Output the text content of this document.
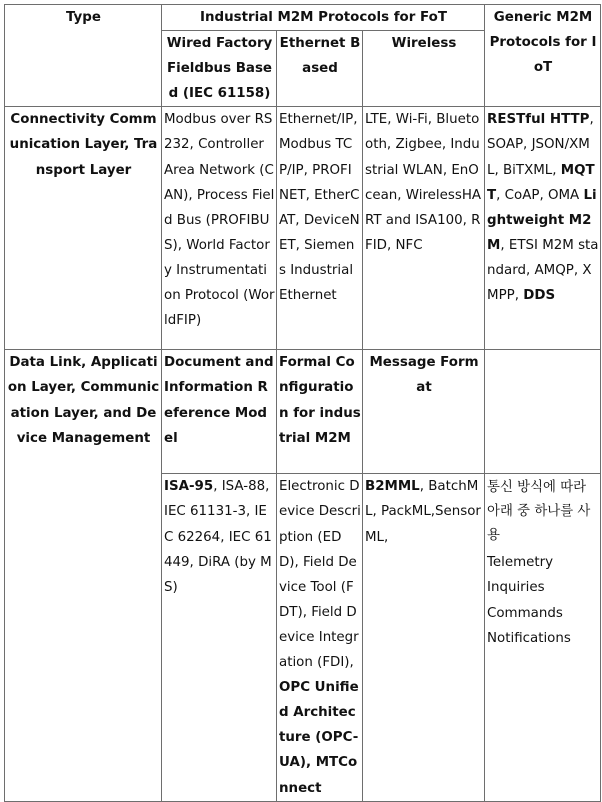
Type	Industrial M2M Protocols for FoT			Generic M2M Protocols for IoT
	Wired Factory Fieldbus Based (IEC 61158)	Ethernet Based	Wireless	
Connectivity Communication Layer, Transport Layer	Modbus over RS232, Controller Area Network (CAN), Process Field Bus (PROFIBUS), World Factory Instrumentation Protocol (WorldFIP)	Ethernet/IP, Modbus TCP/IP, PROFINET, EtherCAT, DeviceNET, Siemens Industrial Ethernet	LTE, Wi-Fi, Bluetooth, Zigbee, Industrial WLAN, EnOcean, WirelessHART and ISA100, RFID, NFC	RESTful HTTP, SOAP, JSON/XML, BiTXML, MQTT, CoAP, OMA Lightweight M2M, ETSI M2M standard, AMQP, XMPP, DDS
Data Link, Application Layer, Communication Layer, and Device Management	Document and Information Reference Model	Formal Configuration for industrial M2M	Message Format	
	ISA-95, ISA-88, IEC 61131-3, IEC 62264, IEC 61449, DiRA (by MS)	Electronic Device Description (EDD), Field Device Tool (FDT), Field Device Integration (FDI), OPC Unified Architecture (OPC-UA), MTConnect	B2MML, BatchML, PackML,SensorML,	통신 방식에 따라 아래 중 하나를 사용
Telemetry
Inquiries
Commands
Notifications
